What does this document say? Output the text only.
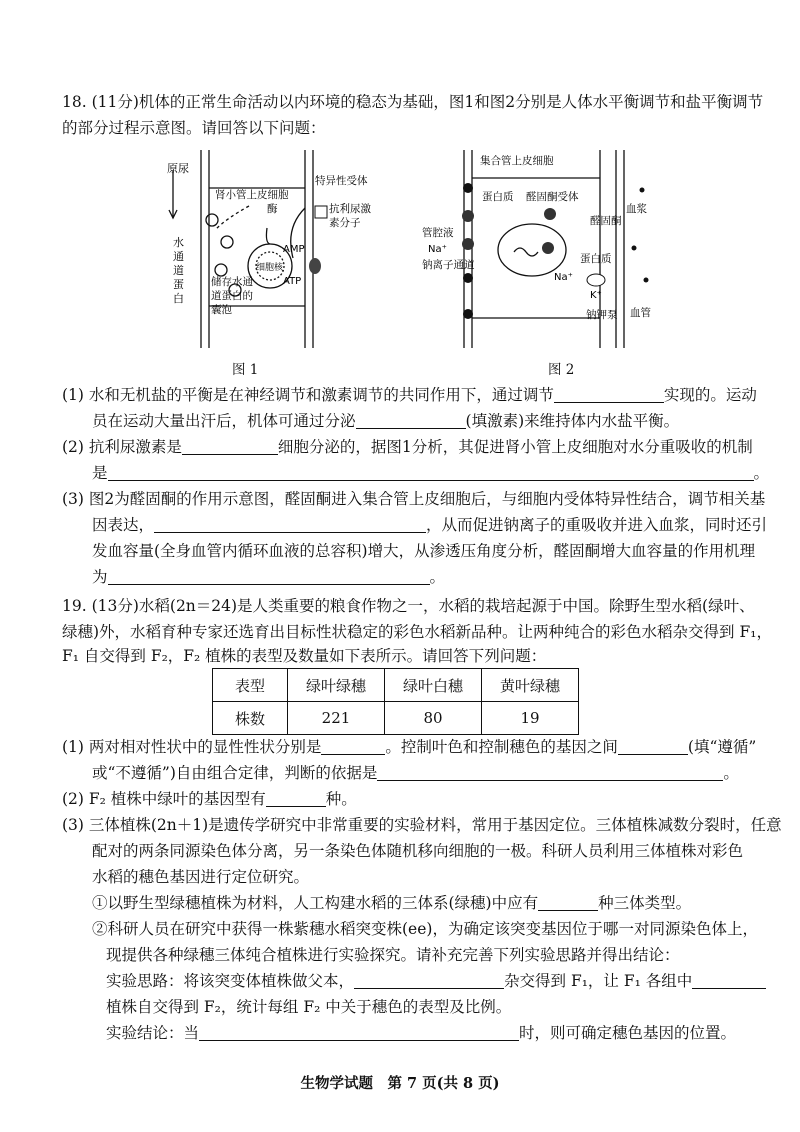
18. (11分)机体的正常生命活动以内环境的稳态为基础，图1和图2分别是人体水平衡调节和盐平衡调节
的部分过程示意图。请回答以下问题：
原尿
肾小管上皮细胞
酶
特异性受体
抗利尿激
素分子
水
通
道
蛋
白
AMP
ATP
细胞核
储存水通
道蛋白的
囊泡
图 1
集合管上皮细胞
蛋白质 醛固酮受体
醛固酮
血浆
管腔液
Na⁺
钠离子通道
Na⁺
蛋白质
K⁺
钠钾泵 血管
图 2
(1) 水和无机盐的平衡是在神经调节和激素调节的共同作用下，通过调节	实现的。运动
员在运动大量出汗后，机体可通过分泌	(填激素)来维持体内水盐平衡。
(2) 抗利尿激素是	细胞分泌的，据图1分析，其促进肾小管上皮细胞对水分重吸收的机制
是	。
(3) 图2为醛固酮的作用示意图，醛固酮进入集合管上皮细胞后，与细胞内受体特异性结合，调节相关基
因表达，	，从而促进钠离子的重吸收并进入血浆，同时还引
发血容量(全身血管内循环血液的总容积)增大，从渗透压角度分析，醛固酮增大血容量的作用机理
为	。
19. (13分)水稻(2n＝24)是人类重要的粮食作物之一，水稻的栽培起源于中国。除野生型水稻(绿叶、
绿穗)外，水稻育种专家还选育出目标性状稳定的彩色水稻新品种。让两种纯合的彩色水稻杂交得到 F₁，
F₁ 自交得到 F₂，F₂ 植株的表型及数量如下表所示。请回答下列问题：
表型	绿叶绿穗	绿叶白穗	黄叶绿穗
株数	221	80	19
(1) 两对相对性状中的显性性状分别是	。控制叶色和控制穗色的基因之间	(填“遵循”
或“不遵循”)自由组合定律，判断的依据是	。
(2) F₂ 植株中绿叶的基因型有	种。
(3) 三体植株(2n＋1)是遗传学研究中非常重要的实验材料，常用于基因定位。三体植株减数分裂时，任意
配对的两条同源染色体分离，另一条染色体随机移向细胞的一极。科研人员利用三体植株对彩色
水稻的穗色基因进行定位研究。
①以野生型绿穗植株为材料，人工构建水稻的三体系(绿穗)中应有	种三体类型。
②科研人员在研究中获得一株紫穗水稻突变株(ee)，为确定该突变基因位于哪一对同源染色体上，
现提供各种绿穗三体纯合植株进行实验探究。请补充完善下列实验思路并得出结论：
实验思路：将该突变体植株做父本，	杂交得到 F₁，让 F₁ 各组中
植株自交得到 F₂，统计每组 F₂ 中关于穗色的表型及比例。
实验结论：当	时，则可确定穗色基因的位置。
生物学试题　第 7 页(共 8 页)
